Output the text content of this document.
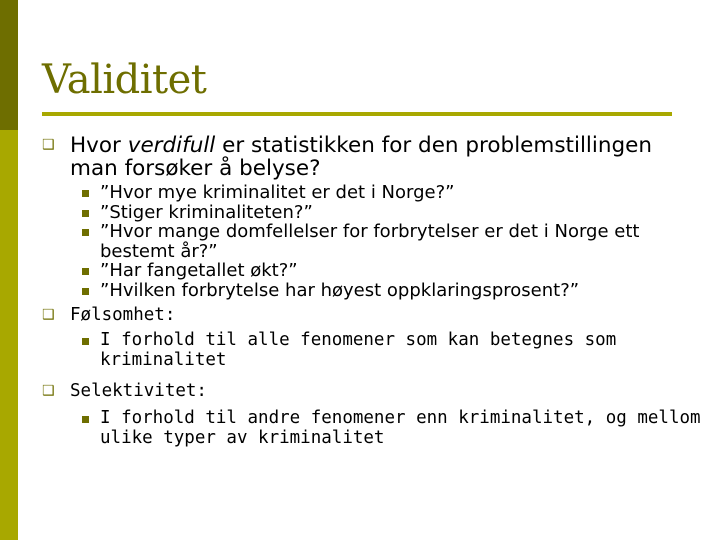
Validitet
❑ Hvor verdifull er statistikken for den problemstillingen man forsøker å belyse?
”Hvor mye kriminalitet er det i Norge?”
”Stiger kriminaliteten?”
”Hvor mange domfellelser for forbrytelser er det i Norge ett bestemt år?”
”Har fangetallet økt?”
”Hvilken forbrytelse har høyest oppklaringsprosent?”
❑ Følsomhet:
I forhold til alle fenomener som kan betegnes som kriminalitet
❑ Selektivitet:
I forhold til andre fenomener enn kriminalitet, og mellom ulike typer av kriminalitet
